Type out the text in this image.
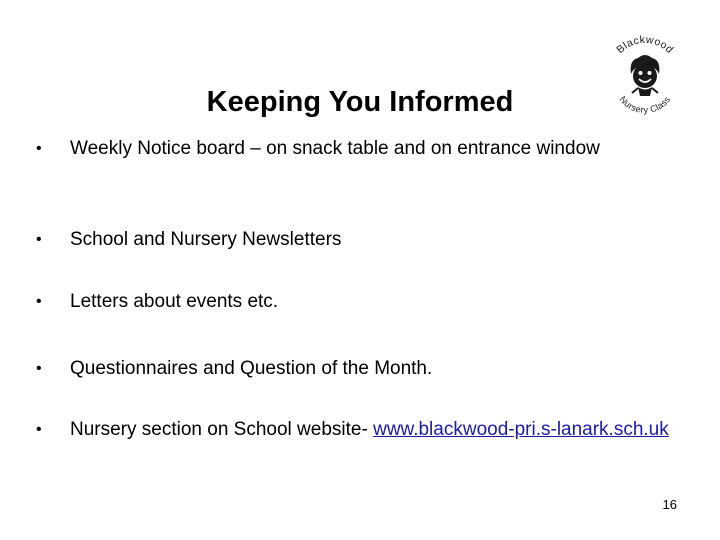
Blackwood
Nursery Class
Keeping You Informed
•	Weekly Notice board – on snack table and on entrance window
•	School and Nursery Newsletters
•	Letters about events etc.
•	Questionnaires and Question of the Month.
•	Nursery section on School website- www.blackwood-pri.s-lanark.sch.uk
16
